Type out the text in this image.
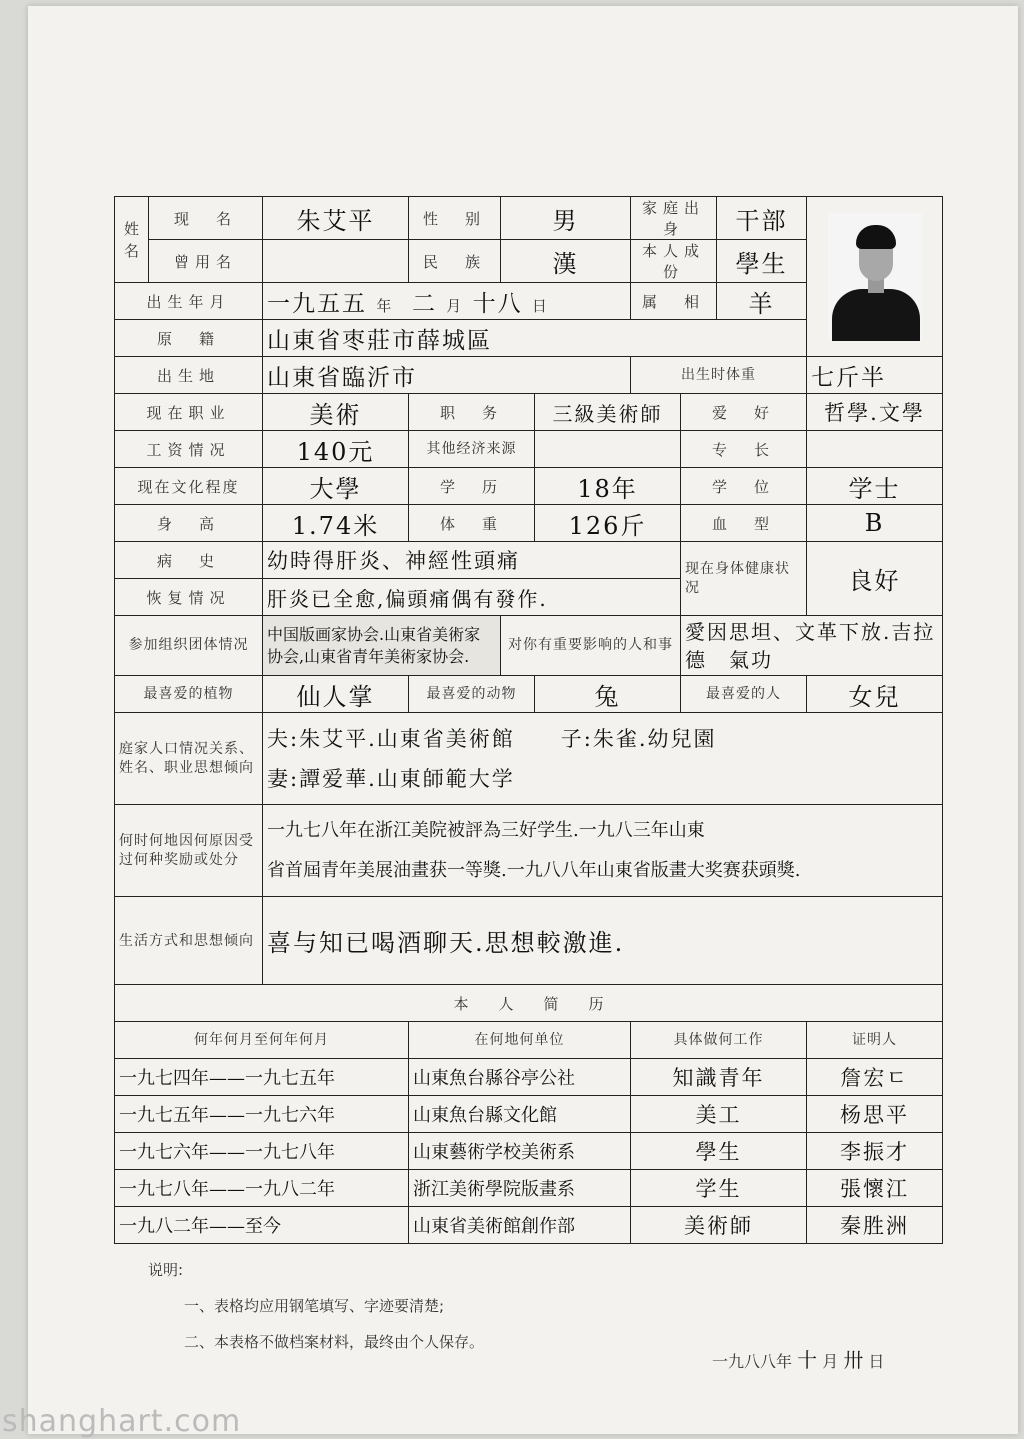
姓名	现　名	朱艾平	性　别	男		家庭出身		干部	

	曾用名		民　族	漢		本人成份		學生	
出生年月		一九五五 年 二 月 十八 日				属　相		羊	
原　籍		山東省枣莊市薛城區							
出生地		山東省臨沂市				出生时体重			七斤半
现在职业		美術	职　务		三級美術師		爱　好		哲學.文學
工资情况		140元	其他经济来源				专　长		
现在文化程度		大學	学　历		18年		学　位		学士
身　高		1.74米	体　重		126斤		血　型		B
病　史		幼時得肝炎、神經性頭痛					现在身体健康状况		良好
恢复情况		肝炎已全愈,偏頭痛偶有發作.							
参加组织团体情况		中国版画家协会.山東省美術家协会,山東省青年美術家协会.		对你有重要影响的人和事			愛因思坦、文革下放.吉拉德　氣功		
最喜爱的植物		仙人掌	最喜爱的动物		兔		最喜爱的人		女兒
庭家人口情况关系、姓名、职业思想倾向		夫:朱艾平.山東省美術館　　子:朱雀.幼兒園
妻:譚爱華.山東師範大学							

何时何地因何原因受过何种奖励或处分		一九七八年在浙江美院被評為三好学生.一九八三年山東
省首屆青年美展油畫获一等獎.一九八八年山東省版畫大奖赛获頭獎.							

生活方式和思想倾向		喜与知已喝酒聊天.思想較激進.							
本　　人　　简　　历									
何年何月至何年何月			在何地何单位			具体做何工作			证明人
一九七四年——一九七五年			山東魚台縣谷亭公社			知識青年			詹宏ㄷ
一九七五年——一九七六年			山東魚台縣文化館			美工			杨思平
一九七六年——一九七八年			山東藝術学校美術系			學生			李振才
一九七八年——一九八二年			浙江美術學院版畫系			学生			張懷江
一九八二年——至今			山東省美術館創作部			美術師			秦胜洲
说明:
一、表格均应用钢笔填写、字迹要清楚;
二、本表格不做档案材料，最终由个人保存。
一九八八年 十 月 卅 日
shanghart.com
